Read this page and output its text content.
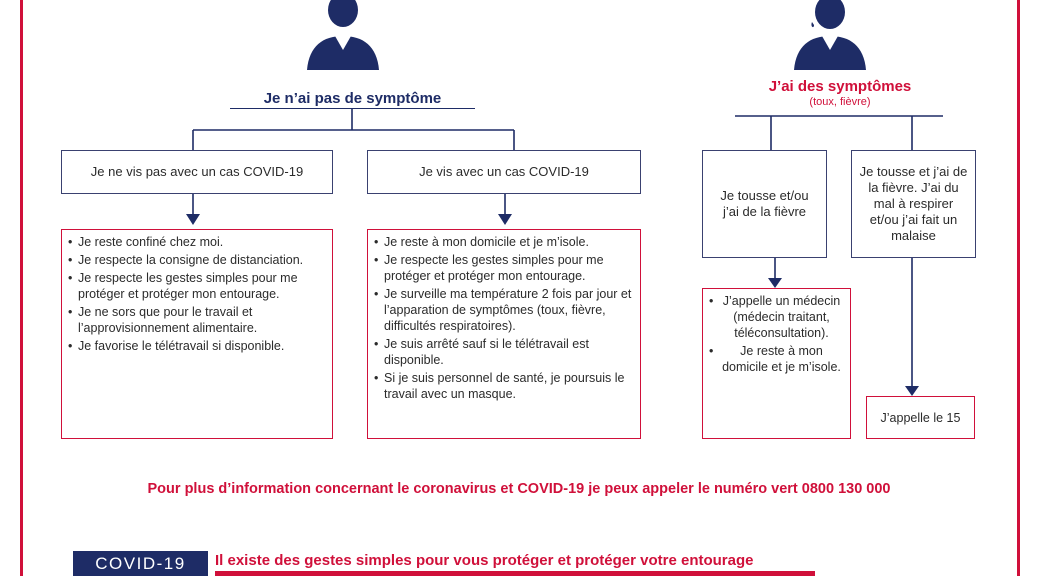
Je n’ai pas de symptôme
J’ai des symptômes
(toux, fièvre)
Je ne vis pas avec un cas COVID-19	Je vis avec un cas COVID-19
• Je reste confiné chez moi.
• Je respecte la consigne de distanciation.
• Je respecte les gestes simples pour me protéger et protéger mon entourage.
• Je ne sors que pour le travail et l’approvisionnement alimentaire.
• Je favorise le télétravail si disponible.
• Je reste à mon domicile et je m’isole.
• Je respecte les gestes simples pour me protéger et protéger mon entourage.
• Je surveille ma température 2 fois par jour et l’apparation de symptômes (toux, fièvre, difficultés respiratoires).
• Je suis arrêté sauf si le télétravail est disponible.
• Si je suis personnel de santé, je poursuis le travail avec un masque.
Je tousse et/ou j’ai de la fièvre
Je tousse et j’ai de la fièvre. J’ai du mal à respirer et/ou j’ai fait un malaise
• J’appelle un médecin (médecin traitant, téléconsultation).
• Je reste à mon domicile et je m’isole.
J’appelle le 15
Pour plus d’information concernant le coronavirus et COVID-19 je peux appeler le numéro vert 0800 130 000
COVID-19	Il existe des gestes simples pour vous protéger et protéger votre entourage
